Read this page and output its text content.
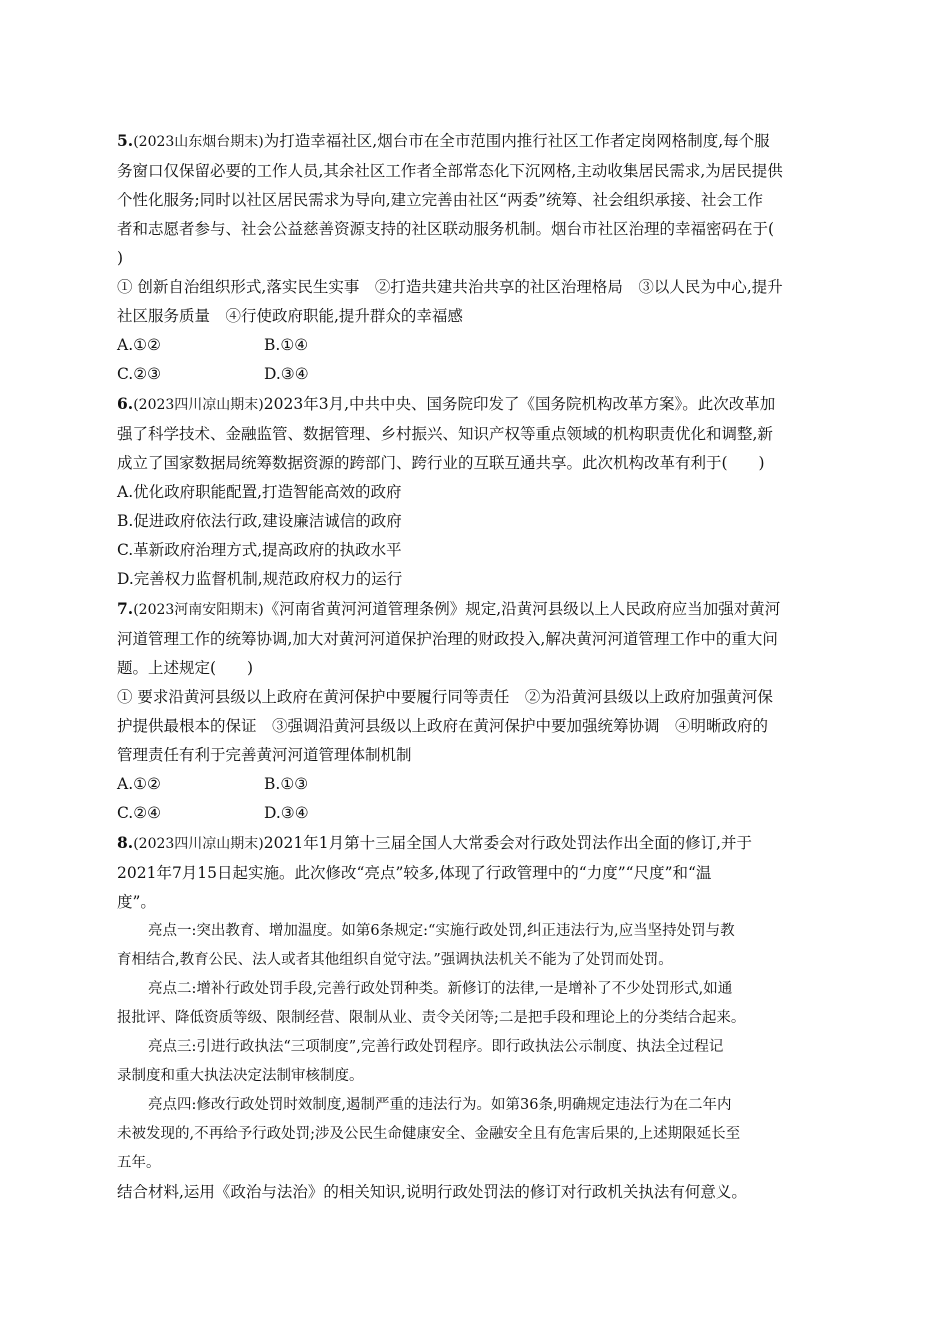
5.(2023山东烟台期末)为打造幸福社区,烟台市在全市范围内推行社区工作者定岗网格制度,每个服
务窗口仅保留必要的工作人员,其余社区工作者全部常态化下沉网格,主动收集居民需求,为居民提供
个性化服务;同时以社区居民需求为导向,建立完善由社区“两委”统筹、社会组织承接、社会工作
者和志愿者参与、社会公益慈善资源支持的社区联动服务机制。烟台市社区治理的幸福密码在于(
)
① 创新自治组织形式,落实民生实事　②打造共建共治共享的社区治理格局　③以人民为中心,提升
社区服务质量　④行使政府职能,提升群众的幸福感
A.①②	B.①④
C.②③	D.③④
6.(2023四川凉山期末)2023年3月,中共中央、国务院印发了《国务院机构改革方案》。此次改革加
强了科学技术、金融监管、数据管理、乡村振兴、知识产权等重点领域的机构职责优化和调整,新
成立了国家数据局统筹数据资源的跨部门、跨行业的互联互通共享。此次机构改革有利于(　　)
A.优化政府职能配置,打造智能高效的政府
B.促进政府依法行政,建设廉洁诚信的政府
C.革新政府治理方式,提高政府的执政水平
D.完善权力监督机制,规范政府权力的运行
7.(2023河南安阳期末)《河南省黄河河道管理条例》规定,沿黄河县级以上人民政府应当加强对黄河
河道管理工作的统筹协调,加大对黄河河道保护治理的财政投入,解决黄河河道管理工作中的重大问
题。上述规定(　　)
① 要求沿黄河县级以上政府在黄河保护中要履行同等责任　②为沿黄河县级以上政府加强黄河保
护提供最根本的保证　③强调沿黄河县级以上政府在黄河保护中要加强统筹协调　④明晰政府的
管理责任有利于完善黄河河道管理体制机制
A.①②	B.①③
C.②④	D.③④
8.(2023四川凉山期末)2021年1月第十三届全国人大常委会对行政处罚法作出全面的修订,并于
2021年7月15日起实施。此次修改“亮点”较多,体现了行政管理中的“力度”“尺度”和“温
度”。
亮点一:突出教育、增加温度。如第6条规定:“实施行政处罚,纠正违法行为,应当坚持处罚与教
育相结合,教育公民、法人或者其他组织自觉守法。”强调执法机关不能为了处罚而处罚。
亮点二:增补行政处罚手段,完善行政处罚种类。新修订的法律,一是增补了不少处罚形式,如通
报批评、降低资质等级、限制经营、限制从业、责令关闭等;二是把手段和理论上的分类结合起来。
亮点三:引进行政执法“三项制度”,完善行政处罚程序。即行政执法公示制度、执法全过程记
录制度和重大执法决定法制审核制度。
亮点四:修改行政处罚时效制度,遏制严重的违法行为。如第36条,明确规定违法行为在二年内
未被发现的,不再给予行政处罚;涉及公民生命健康安全、金融安全且有危害后果的,上述期限延长至
五年。
结合材料,运用《政治与法治》的相关知识,说明行政处罚法的修订对行政机关执法有何意义。
